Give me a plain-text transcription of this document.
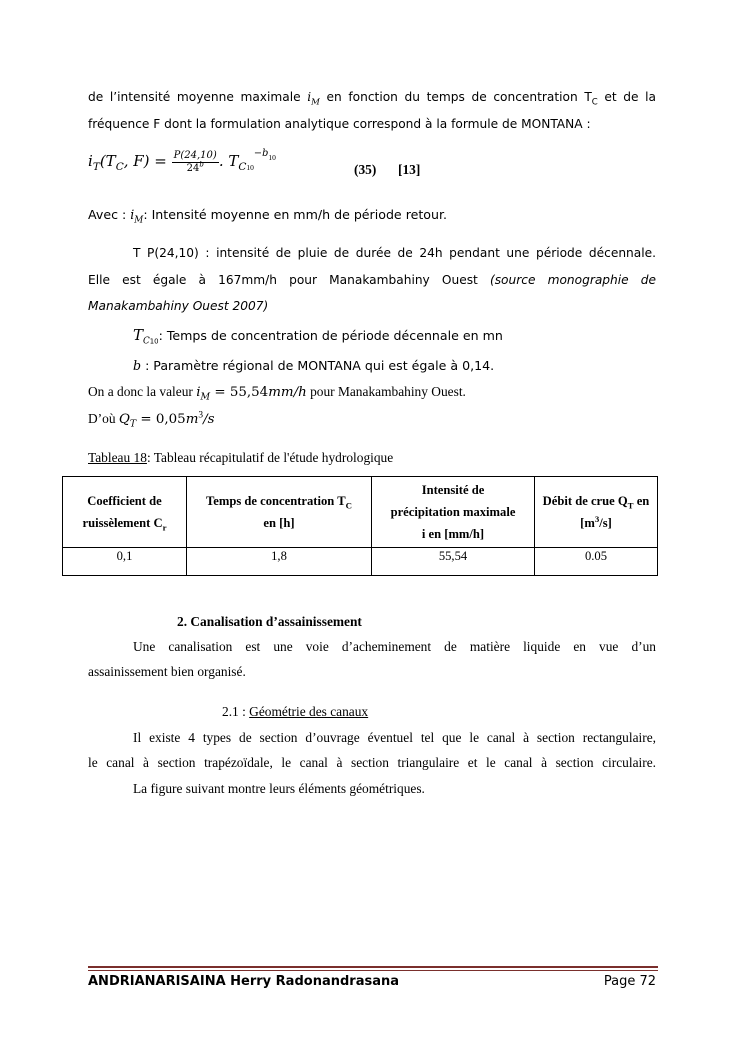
de l’intensité moyenne maximale $i_M$ en fonction du temps de concentration $T_C$ et de la
fréquence F dont la formulation analytique correspond à la formule de MONTANA :
$i_T(T_C$, $F) = \frac{P(24,10)}{24^b}$ . $T_{C10}^{-b10}$
(35) [13]
Avec : $i_M$: Intensité moyenne en mm/h de période retour.
T P(24,10) : intensité de pluie de durée de 24h pendant une période décennale.
Elle est égale à 167mm/h pour Manakambahiny Ouest (source monographie de
Manakambahiny Ouest 2007)
$T_{C10}$: Temps de concentration de période décennale en mn
b : Paramètre régional de MONTANA qui est égale à 0,14.
On a donc la valeur $i_M = 55,54mm/h$ pour Manakambahiny Ouest.
D’où $Q_T = 0,05m^3/s$
Tableau 18: Tableau récapitulatif de l'étude hydrologique
Coefficient de
ruissèlement $C_r$	Temps de concentration $T_C$
en [h]	Intensité de
précipitation maximale
i en [mm/h]	Débit de crue $Q_T$ en
$[m^3/s]$
0,1	1,8	55,54	0.05
2. Canalisation d’assainissement
Une canalisation est une voie d’acheminement de matière liquide en vue d’un
assainissement bien organisé.
2.1 : Géométrie des canaux
Il existe 4 types de section d’ouvrage éventuel tel que le canal à section rectangulaire,
le canal à section trapézoïdale, le canal à section triangulaire et le canal à section circulaire.
La figure suivant montre leurs éléments géométriques.
ANDRIANARISAINA Herry Radonandrasana	Page 72
